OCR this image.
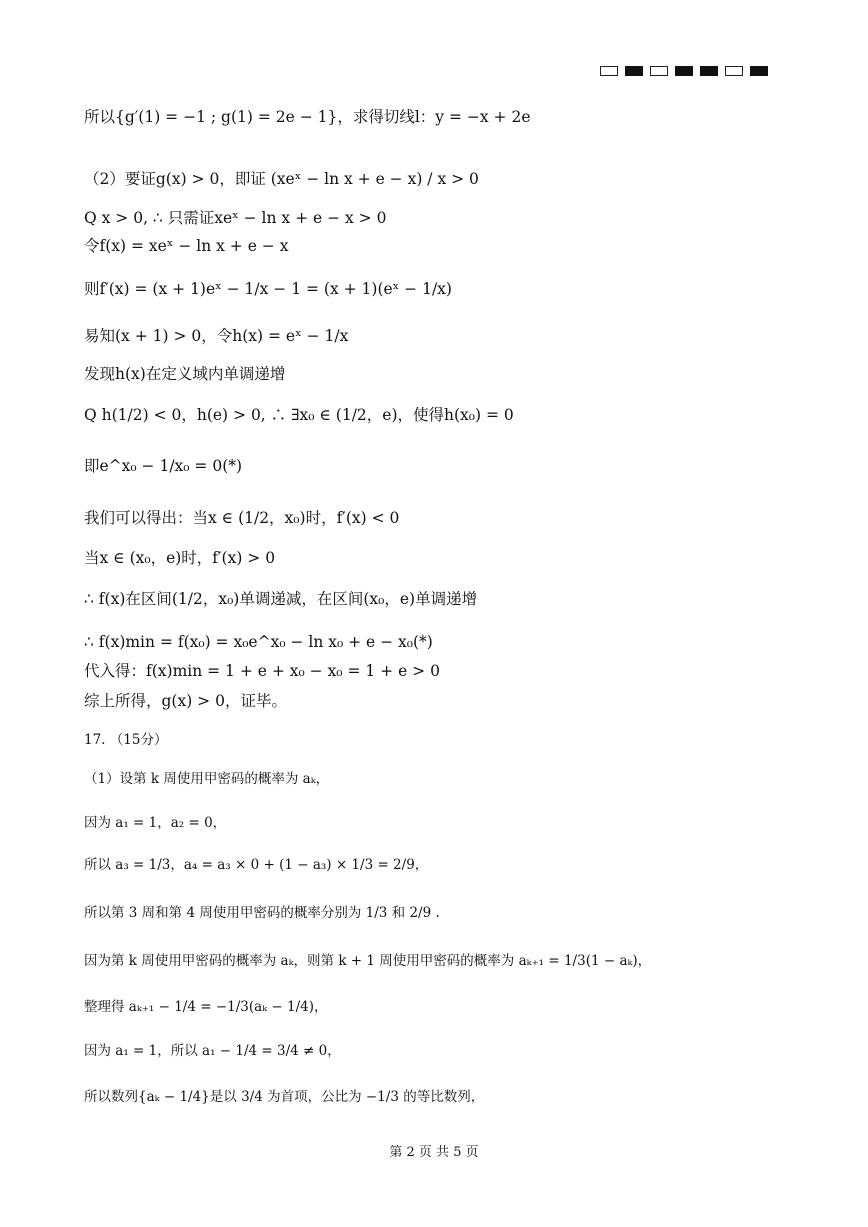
所以{g′(1) = −1 ; g(1) = 2e − 1}，求得切线l：y = −x + 2e
（2）要证g(x) > 0，即证 (xeˣ − ln x + e − x) / x > 0
Q x > 0, ∴ 只需证xeˣ − ln x + e − x > 0
令f(x) = xeˣ − ln x + e − x
则f′(x) = (x + 1)eˣ − 1/x − 1 = (x + 1)(eˣ − 1/x)
易知(x + 1) > 0，令h(x) = eˣ − 1/x
发现h(x)在定义域内单调递增
Q h(1/2) < 0，h(e) > 0, ∴ ∃x₀ ∈ (1/2，e)，使得h(x₀) = 0
即e^x₀ − 1/x₀ = 0(*)
我们可以得出：当x ∈ (1/2，x₀)时，f′(x) < 0
当x ∈ (x₀，e)时，f′(x) > 0
∴ f(x)在区间(1/2，x₀)单调递减，在区间(x₀，e)单调递增
∴ f(x)min = f(x₀) = x₀e^x₀ − ln x₀ + e − x₀(*)
代入得：f(x)min = 1 + e + x₀ − x₀ = 1 + e > 0
综上所得，g(x) > 0，证毕。
17. （15分）
（1）设第 k 周使用甲密码的概率为 aₖ，
因为 a₁ = 1，a₂ = 0，
所以 a₃ = 1/3，a₄ = a₃ × 0 + (1 − a₃) × 1/3 = 2/9，
所以第 3 周和第 4 周使用甲密码的概率分别为 1/3 和 2/9 .
因为第 k 周使用甲密码的概率为 aₖ，则第 k + 1 周使用甲密码的概率为 aₖ₊₁ = 1/3(1 − aₖ)，
整理得 aₖ₊₁ − 1/4 = −1/3(aₖ − 1/4)，
因为 a₁ = 1，所以 a₁ − 1/4 = 3/4 ≠ 0，
所以数列{aₖ − 1/4}是以 3/4 为首项，公比为 −1/3 的等比数列，
第 2 页 共 5 页
